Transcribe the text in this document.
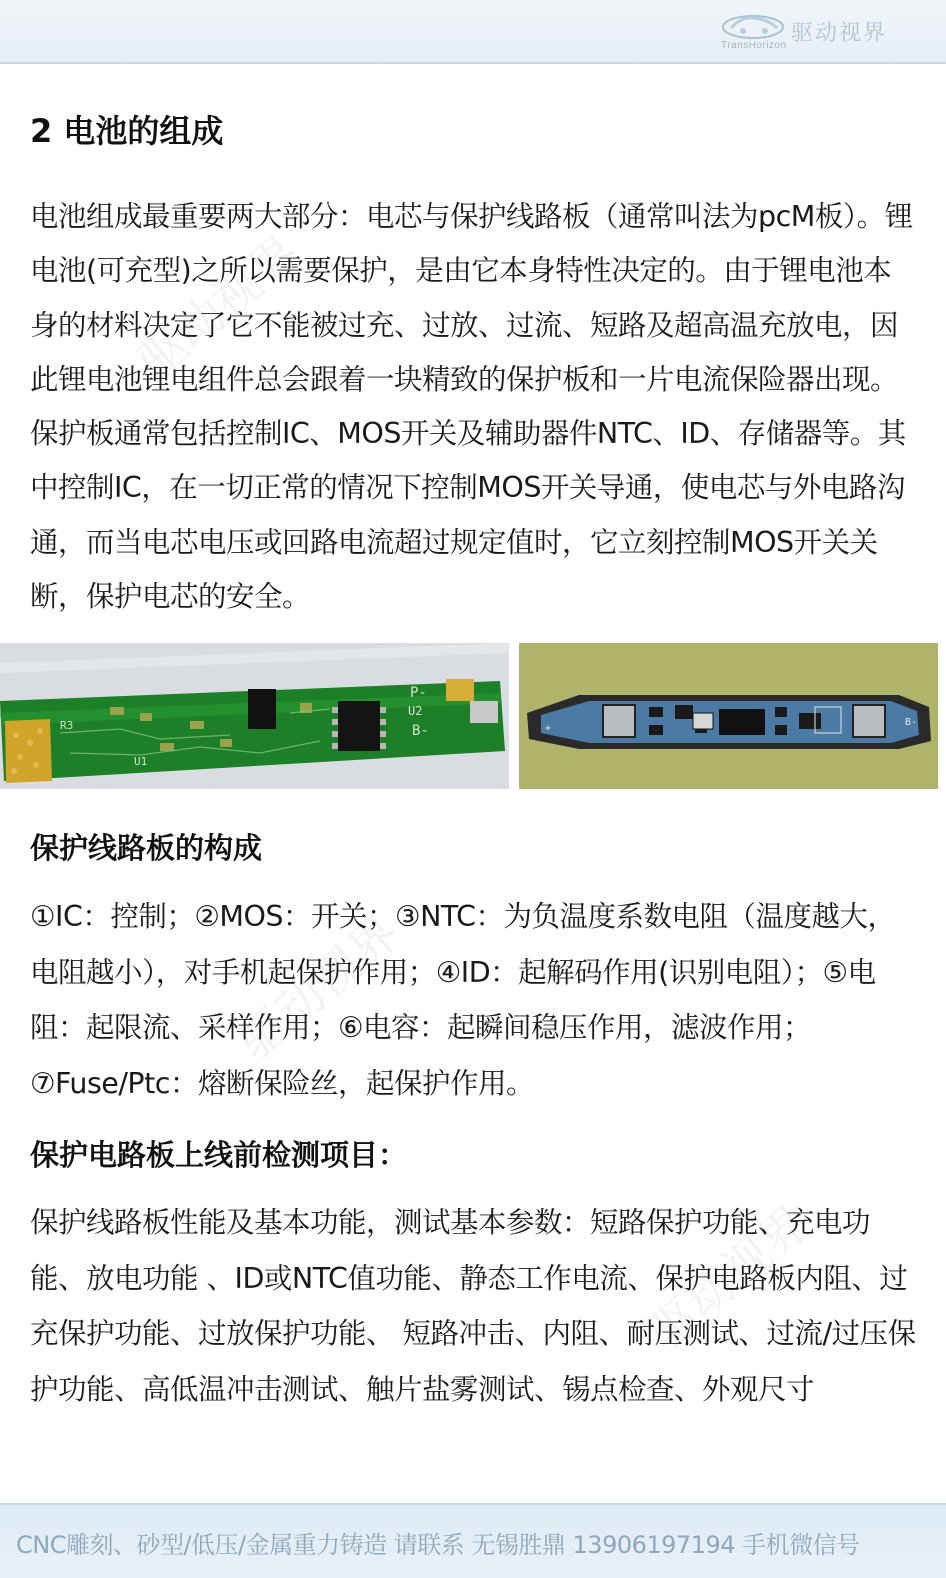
TransHorizon 驱动视界
驱动视界
驱动视界
驱动视界
2 电池的组成

电池组成最重要两大部分：电芯与保护线路板（通常叫法为pcM板）。锂电池(可充型)之所以需要保护，是由它本身特性决定的。由于锂电池本身的材料决定了它不能被过充、过放、过流、短路及超高温充放电，因此锂电池锂电组件总会跟着一块精致的保护板和一片电流保险器出现。保护板通常包括控制IC、MOS开关及辅助器件NTC、ID、存储器等。其中控制IC，在一切正常的情况下控制MOS开关导通，使电芯与外电路沟通，而当电芯电压或回路电流超过规定值时，它立刻控制MOS开关关断，保护电芯的安全。

P-
U2
B-
R3
U1
B-
+
保护线路板的构成

①IC：控制；②MOS：开关；③NTC：为负温度系数电阻（温度越大，电阻越小），对手机起保护作用；④ID：起解码作用(识别电阻）；⑤电阻：起限流、采样作用；⑥电容：起瞬间稳压作用，滤波作用；⑦Fuse/Ptc：熔断保险丝，起保护作用。

保护电路板上线前检测项目：

保护线路板性能及基本功能，测试基本参数：短路保护功能、充电功能、放电功能 、ID或NTC值功能、静态工作电流、保护电路板内阻、过充保护功能、过放保护功能、 短路冲击、内阻、耐压测试、过流/过压保护功能、高低温冲击测试、触片盐雾测试、锡点检查、外观尺寸

CNC雕刻、砂型/低压/金属重力铸造 请联系 无锡胜鼎 13906197194 手机微信号
